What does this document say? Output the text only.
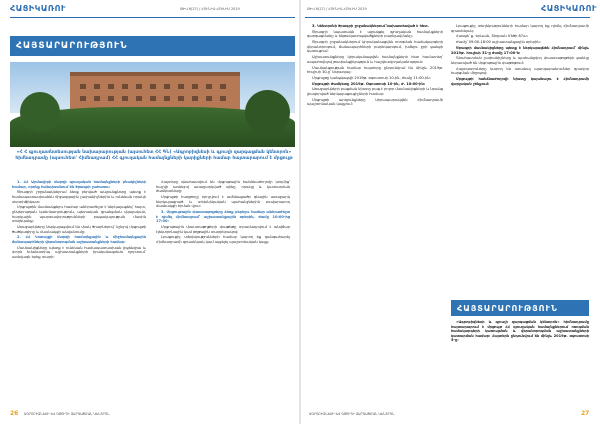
ՀԱՑԻԿԱՌՈՒ	ԹԻՎ 6(27) / ՀՈՒՆԻՍ-ՀՈՒԼԻՍ 2019
ՀԱՅՏԱՐԱՐՈՒԹՅՈՒՆ
«Հ Հ գյուղատնտեսության նախարարության (այսուհետ ՀՀ ԳՆ) «Ագրոբիզնեսի և գյուղի զարգացման կենտրոն» հիմնադրամը (այսուհետ՝ Հիմնադրամ) ՀՀ գյուղական համայնքների կարիքների համար հայտարարում է մրցույթ

1. ՀՀ Արմավիրի մարզի գյուղական համայնքների բնակիչների համար, որոնք հանդիսանում են ծրագրի շահառու:

Ծրագրի շրջանակներում ձեռք բերված ապրանքները պետք է համապատասխանեն միջազգային չափանիշներին և ունենան որակի սերտիֆիկատ:

Մրցույթին մասնակցելու համար անհրաժեշտ է ներկայացնել՝ հայտ, ընկերության կանոնադրություն, պետական գրանցման վկայական, հարկային պարտավորությունների բացակայության մասին տեղեկանք:

Առաջարկները ներկայացվում են փակ ծրարներով՝ նշելով մրցույթի ծածկագիրը և մասնակցի անվանումը:

2. ՀՀ Կոտայքի մարզի համայնքային և միջհամայնքային ճանապարհների վերանորոգման աշխատանքների համար:

Մասնակիցները պետք է ունենան համապատասխան լիցենզիա և փորձ նմանատիպ աշխատանքների իրականացման ոլորտում՝ առնվազն երեք տարի:

Հայտերը գնահատվում են մրցութային հանձնաժողովի կողմից՝ հաշվի առնելով առաջարկված գինը, որակը և կատարման ժամկետները:

Մրցույթի հաղթողը որոշվում է ամենացածր գնային առաջարկ ներկայացրած և տեխնիկական պահանջներին բավարարող մասնակցի հիման վրա:

3. Մրցույթային փաստաթղթերը ձեռք բերելու համար անհրաժեշտ է դիմել Հիմնադրամ՝ աշխատանքային օրերին, ժամը 10:00-ից 17:00:

Մրցութային փաստաթղթերի փաթեթը տրամադրվում է անվճար էլեկտրոնային կամ թղթային տարբերակով:

Լրացուցիչ տեղեկությունների համար կարող եք զանգահարել Հիմնադրամի գրասենյակ կամ այցելել պաշտոնական կայք:

26 ԱԳՐՈԲԻԶՆԵՍԻ ԵՎ ԳՅՈՒՂԻ ԶԱՐԳԱՑՄԱՆ ԿԵՆՏՐՈՆ
ԹԻՎ 6(27) / ՀՈՒՆԻՍ-ՀՈՒԼԻՍ 2019	ՀԱՑԻԿԱՌՈՒ

3. Կենտրոնի ծրագրի շրջանակներում նախատեսված է հետ.

Ծրագրի նպատակն է աջակցել գյուղական համայնքների զարգացմանը և ենթակառուցվածքների բարելավմանը:

Ծրագրի շրջանակներում կիրականացվեն ոռոգման համակարգերի վերանորոգում, ճանապարհների բարեկարգում, խմելու ջրի ցանցի կառուցում:

Աշխատանքները կիրականացվեն համայնքների հետ համատեղ՝ ապահովելով թափանցիկություն և հաշվետվողականություն:

Մասնակցության համար հայտերը ընդունվում են մինչև 2019թ. հուլիսի 30-ը՝ ներառյալ:

Մրցույթը կանցկացվի 2019թ. օգոստոսի 10-ին, ժամը 11:00-ին:

Մրցույթի ժամկետը 2019թ. Օգոստոսի 10-ին, ժ. 10:00-ին:

Առաջարկների բացման նիստը բաց է բոլոր մասնակիցների և նրանց լիազորված ներկայացուցիչների համար:

Մրցույթի արդյունքները կհրապարակվեն Հիմնադրամի պաշտոնական կայքում:

Լրացուցիչ տեղեկությունների համար կարող եք դիմել Հիմնադրամի գրասենյակ:

Հասցե՝ ք. Երևան, Տիգրան Մեծի 67ա:

Ժամը՝ 09:00-18:00 աշխատանքային օրերին:

Ծրագրի մասնակիցները պետք է ներկայացնեն Հիմնադրամ՝ մինչև 2019թ. հուլիսի 31-ը ժամը 17:00-ն:

Գնահատման չափանիշները և պահանջվող փաստաթղթերի ցանկը ներառված են մրցութային փաթեթում:

Հայտատուները կարող են ստանալ պարզաբանումներ գրավոր հարցման միջոցով:

Մրցույթի հանձնաժողովի նիստը կայանալու է Հիմնադրամի վարչական շենքում:

ՀԱՅՏԱՐԱՐՈՒԹՅՈՒՆ

«Ագրոբիզնեսի և գյուղի զարգացման կենտրոն» հիմնադրամը հայտարարում է մրցույթ ՀՀ գյուղական համայնքներում ոռոգման համակարգերի կառուցման և վերանորոգման աշխատանքների կատարման համար: Հայտերն ընդունվում են մինչև 2019թ. օգոստոսի 5-ը:

ԱԳՐՈԲԻԶՆԵՍԻ ԵՎ ԳՅՈՒՂԻ ԶԱՐԳԱՑՄԱՆ ԿԵՆՏՐՈՆ	27
